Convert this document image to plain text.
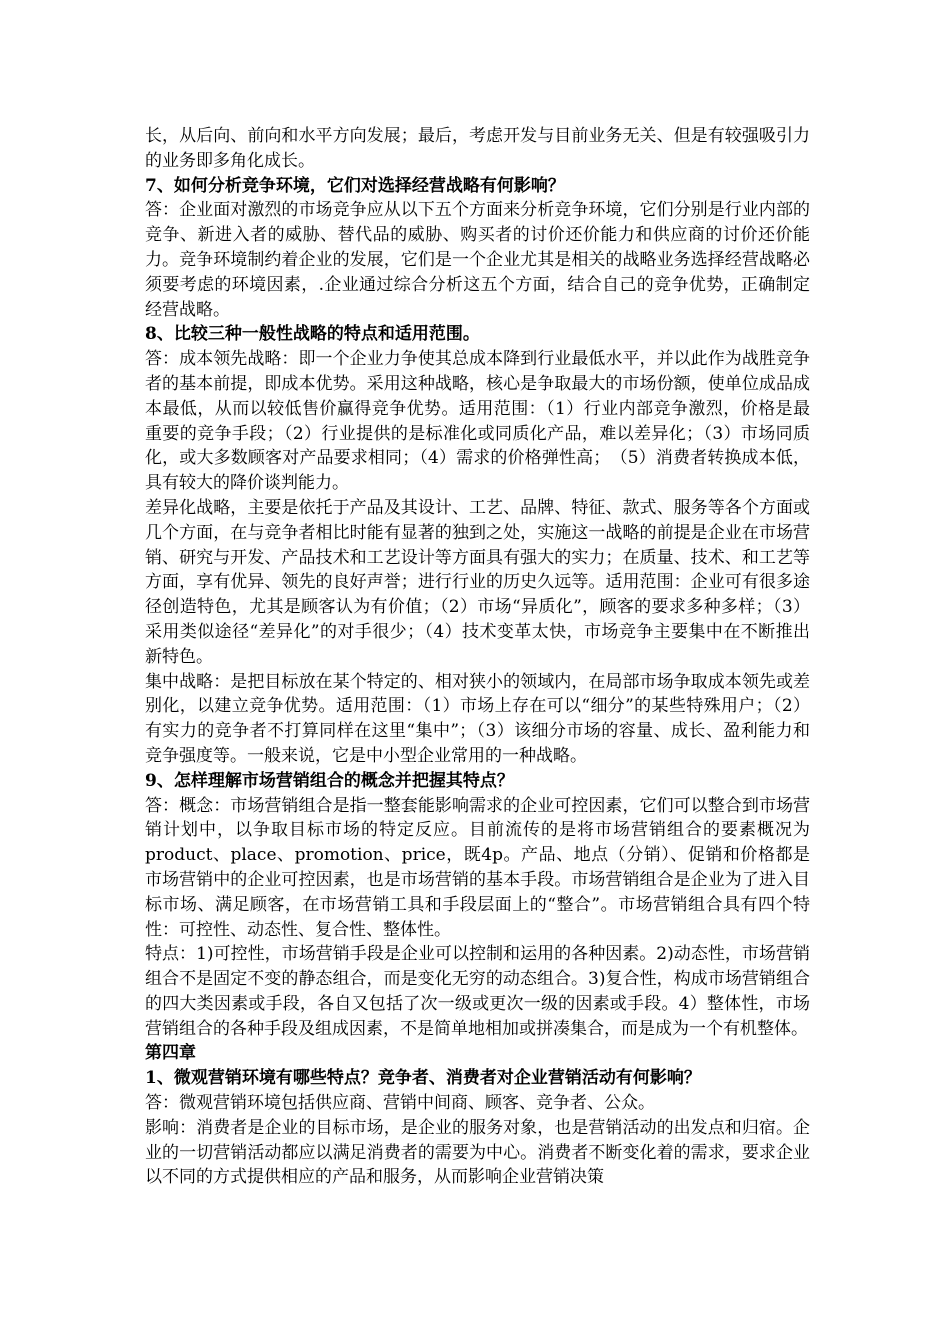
长，从后向、前向和水平方向发展；最后，考虑开发与目前业务无关、但是有较强吸引力的业务即多角化成长。

7、如何分析竞争环境，它们对选择经营战略有何影响？

答：企业面对激烈的市场竞争应从以下五个方面来分析竞争环境，它们分别是行业内部的竞争、新进入者的威胁、替代品的威胁、购买者的讨价还价能力和供应商的讨价还价能力。竞争环境制约着企业的发展，它们是一个企业尤其是相关的战略业务选择经营战略必须要考虑的环境因素，.企业通过综合分析这五个方面，结合自己的竞争优势，正确制定经营战略。

8、比较三种一般性战略的特点和适用范围。

答：成本领先战略：即一个企业力争使其总成本降到行业最低水平，并以此作为战胜竞争者的基本前提，即成本优势。采用这种战略，核心是争取最大的市场份额，使单位成品成本最低，从而以较低售价赢得竞争优势。适用范围：（1）行业内部竞争激烈，价格是最重要的竞争手段；（2）行业提供的是标准化或同质化产品，难以差异化；（3）市场同质化，或大多数顾客对产品要求相同；（4）需求的价格弹性高；　（5）消费者转换成本低，具有较大的降价谈判能力。

差异化战略，主要是依托于产品及其设计、工艺、品牌、特征、款式、服务等各个方面或几个方面，在与竞争者相比时能有显著的独到之处，实施这一战略的前提是企业在市场营销、研究与开发、产品技术和工艺设计等方面具有强大的实力；在质量、技术、和工艺等方面，享有优异、领先的良好声誉；进行行业的历史久远等。适用范围：企业可有很多途径创造特色，尤其是顾客认为有价值；（2）市场“异质化”，顾客的要求多种多样；（3）采用类似途径“差异化”的对手很少；（4）技术变革太快，市场竞争主要集中在不断推出新特色。

集中战略：是把目标放在某个特定的、相对狭小的领域内，在局部市场争取成本领先或差别化，以建立竞争优势。适用范围：（1）市场上存在可以“细分”的某些特殊用户；（2）有实力的竞争者不打算同样在这里“集中”；（3）该细分市场的容量、成长、盈利能力和竞争强度等。一般来说，它是中小型企业常用的一种战略。

9、怎样理解市场营销组合的概念并把握其特点？

答：概念：市场营销组合是指一整套能影响需求的企业可控因素，它们可以整合到市场营销计划中，以争取目标市场的特定反应。目前流传的是将市场营销组合的要素概况为product、place、promotion、price，既4p。产品、地点（分销）、促销和价格都是市场营销中的企业可控因素，也是市场营销的基本手段。市场营销组合是企业为了进入目标市场、满足顾客，在市场营销工具和手段层面上的“整合”。市场营销组合具有四个特性：可控性、动态性、复合性、整体性。

特点：1)可控性，市场营销手段是企业可以控制和运用的各种因素。2)动态性，市场营销组合不是固定不变的静态组合，而是变化无穷的动态组合。3)复合性，构成市场营销组合的四大类因素或手段，各自又包括了次一级或更次一级的因素或手段。4）整体性，市场营销组合的各种手段及组成因素，不是简单地相加或拼凑集合，而是成为一个有机整体。

第四章

1、微观营销环境有哪些特点？竞争者、消费者对企业营销活动有何影响？

答：微观营销环境包括供应商、营销中间商、顾客、竞争者、公众。

影响：消费者是企业的目标市场，是企业的服务对象，也是营销活动的出发点和归宿。企业的一切营销活动都应以满足消费者的需要为中心。消费者不断变化着的需求，要求企业以不同的方式提供相应的产品和服务，从而影响企业营销决策
